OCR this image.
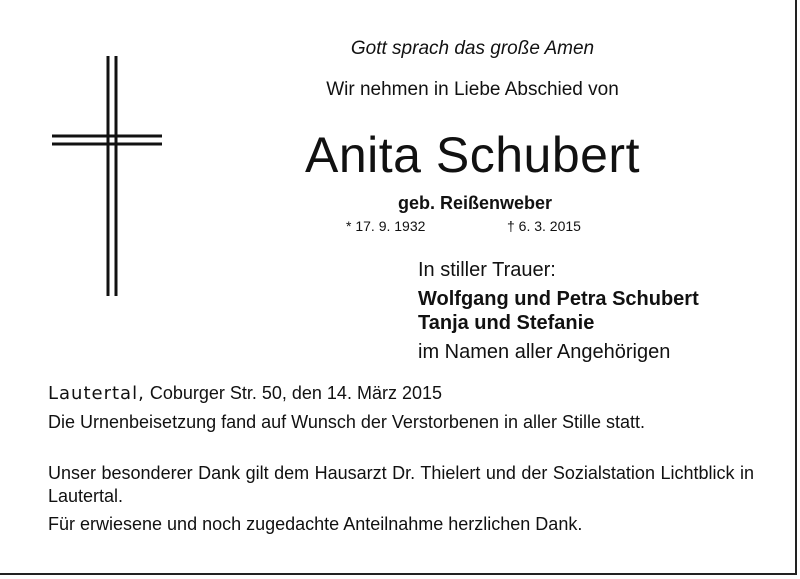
Gott sprach das große Amen
Wir nehmen in Liebe Abschied von
Anita Schubert
geb. Reißenweber
* 17. 9. 1932	† 6. 3. 2015
In stiller Trauer:
Wolfgang und Petra Schubert
Tanja und Stefanie
im Namen aller Angehörigen
Lautertal, Coburger Str. 50, den 14. März 2015
Die Urnenbeisetzung fand auf Wunsch der Verstorbenen in aller Stille statt.
Unser besonderer Dank gilt dem Hausarzt Dr. Thielert und der Sozialstation Lichtblick in Lautertal.
Für erwiesene und noch zugedachte Anteilnahme herzlichen Dank.
